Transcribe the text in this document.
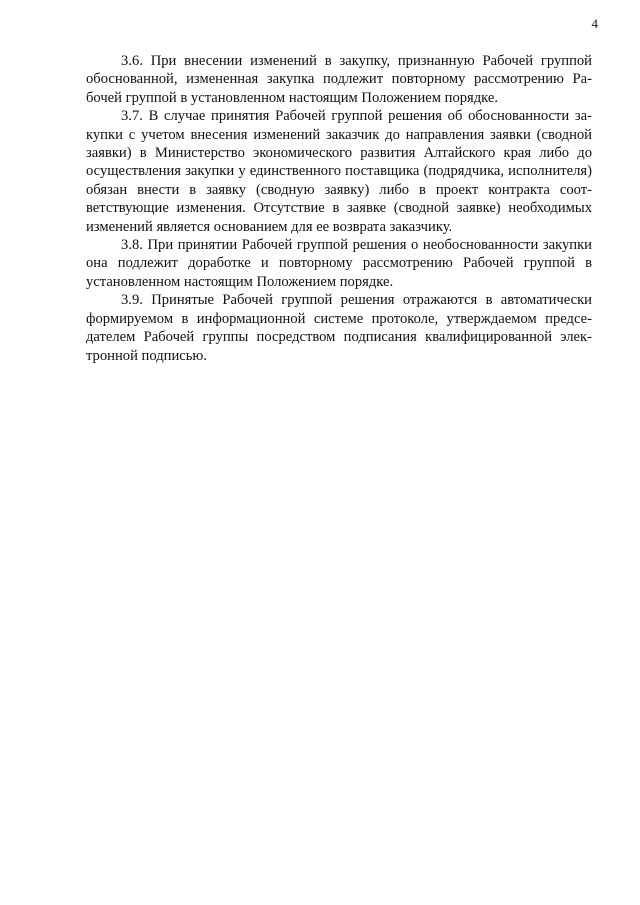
4

3.6. При внесении изменений в закупку, признанную Рабочей группой обоснованной, измененная закупка подлежит повторному рассмотрению Рабочей группой в установленном настоящим Положением порядке.

3.7. В случае принятия Рабочей группой решения об обоснованности закупки с учетом внесения изменений заказчик до направления заявки (сводной заявки) в Министерство экономического развития Алтайского края либо до осуществления закупки у единственного поставщика (подрядчика, исполнителя) обязан внести в заявку (сводную заявку) либо в проект контракта соответствующие изменения. Отсутствие в заявке (сводной заявке) необходимых изменений является основанием для ее возврата заказчику.

3.8. При принятии Рабочей группой решения о необоснованности закупки она подлежит доработке и повторному рассмотрению Рабочей группой в установленном настоящим Положением порядке.

3.9. Принятые Рабочей группой решения отражаются в автоматически формируемом в информационной системе протоколе, утверждаемом председателем Рабочей группы посредством подписания квалифицированной электронной подписью.
